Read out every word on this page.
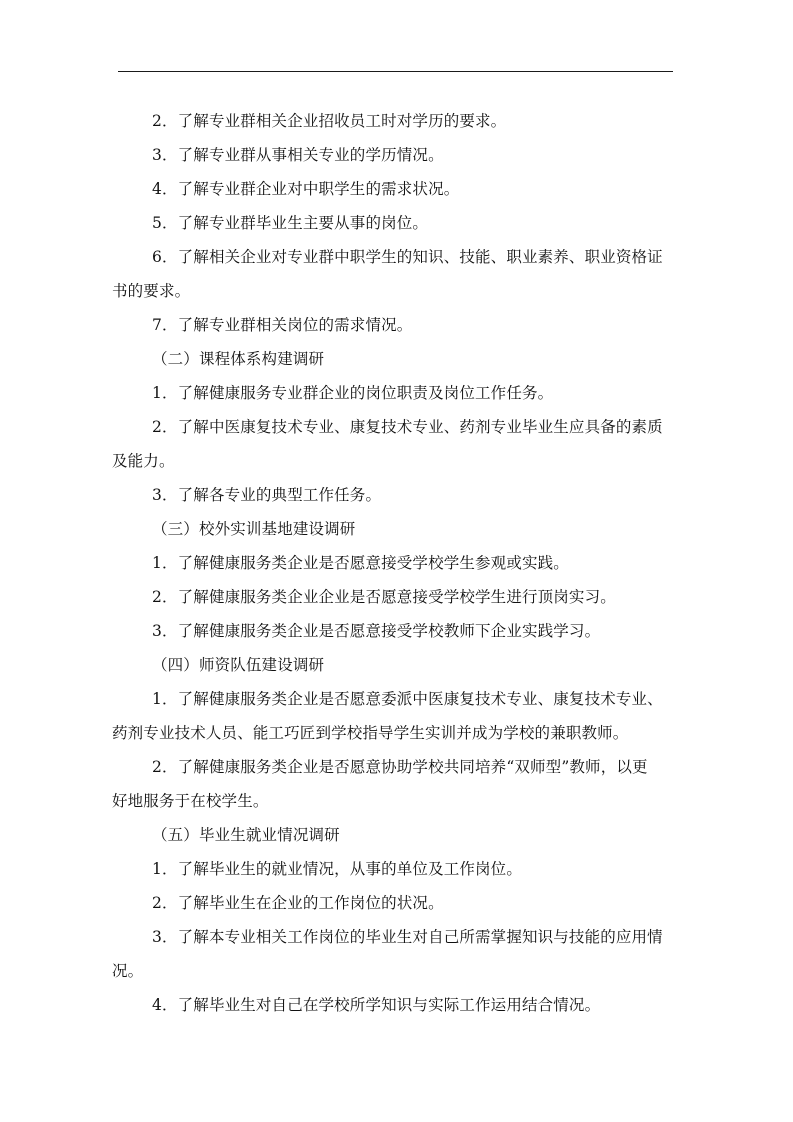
2．了解专业群相关企业招收员工时对学历的要求。
3．了解专业群从事相关专业的学历情况。
4．了解专业群企业对中职学生的需求状况。
5．了解专业群毕业生主要从事的岗位。
6．了解相关企业对专业群中职学生的知识、技能、职业素养、职业资格证
书的要求。
7．了解专业群相关岗位的需求情况。
（二）课程体系构建调研
1．了解健康服务专业群企业的岗位职责及岗位工作任务。
2．了解中医康复技术专业、康复技术专业、药剂专业毕业生应具备的素质
及能力。
3．了解各专业的典型工作任务。
（三）校外实训基地建设调研
1．了解健康服务类企业是否愿意接受学校学生参观或实践。
2．了解健康服务类企业企业是否愿意接受学校学生进行顶岗实习。
3．了解健康服务类企业是否愿意接受学校教师下企业实践学习。
（四）师资队伍建设调研
1．了解健康服务类企业是否愿意委派中医康复技术专业、康复技术专业、
药剂专业技术人员、能工巧匠到学校指导学生实训并成为学校的兼职教师。
2．了解健康服务类企业是否愿意协助学校共同培养“双师型”教师，以更
好地服务于在校学生。
（五）毕业生就业情况调研
1．了解毕业生的就业情况，从事的单位及工作岗位。
2．了解毕业生在企业的工作岗位的状况。
3．了解本专业相关工作岗位的毕业生对自己所需掌握知识与技能的应用情
况。
4．了解毕业生对自己在学校所学知识与实际工作运用结合情况。
